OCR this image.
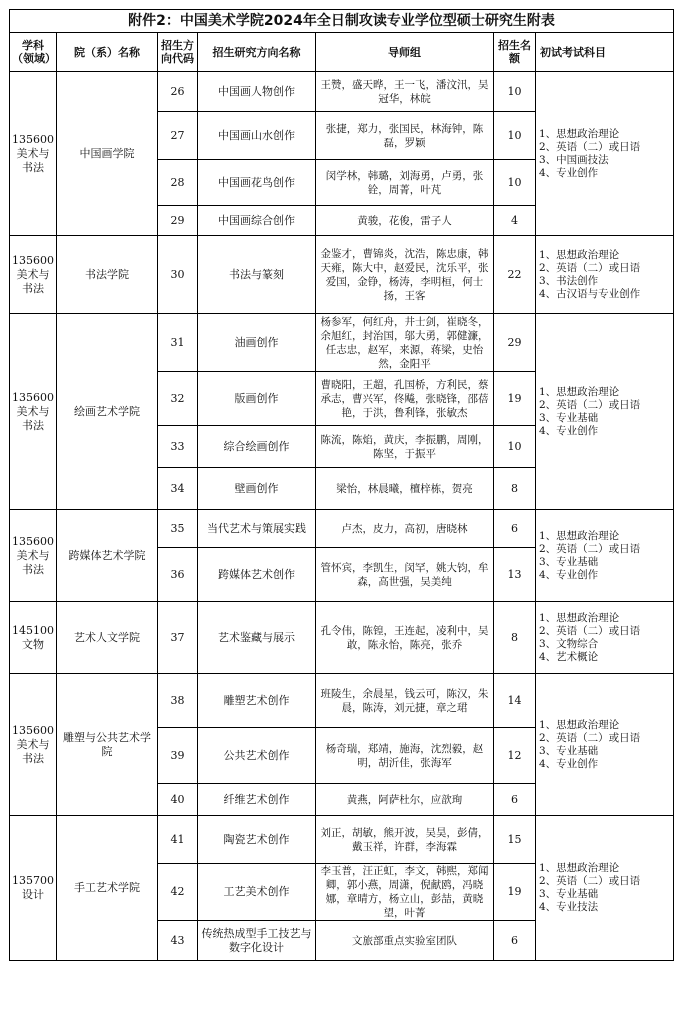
附件2：中国美术学院2024年全日制攻读专业学位型硕士研究生附表						
学科（领域）	院（系）名称	招生方向代码	招生研究方向名称	导师组	招生名额	初试考试科目
135600美术与书法	中国画学院	26	中国画人物创作	王赞，盛天晔，王一飞，潘汶汛，吴冠华，林皖	10	1、思想政治理论
2、英语（二）或日语
3、中国画技法
4、专业创作

		27	中国画山水创作	张捷，郑力，张国民，林海钟，陈磊，罗颖	10	
		28	中国画花鸟创作	闵学林，韩璐，刘海勇，卢勇，张铨，周菁，叶芃	10	
		29	中国画综合创作	黄骏，花俊，雷子人	4	
135600美术与书法	书法学院	30	书法与篆刻	金鉴才，曹锦炎，沈浩，陈忠康，韩天雍，陈大中，赵爱民，沈乐平，张爱国，金铮，杨涛，李明桓，何士扬，王客	22	1、思想政治理论
2、英语（二）或日语
3、书法创作
4、古汉语与专业创作

135600美术与书法	绘画艺术学院	31	油画创作	杨参军，何红舟，井士剑，崔晓冬，余旭红，封治国，邬大勇，郭健濂，任志忠，赵军，来源，蒋梁，史怡然，金阳平	29	1、思想政治理论
2、英语（二）或日语
3、专业基础
4、专业创作

		32	版画创作	曹晓阳，王超，孔国桥，方利民，蔡承志，曹兴军，佟飚，张晓锋，邵蓓艳，于洪，鲁利锋，张敏杰	19	
		33	综合绘画创作	陈流，陈焰，黄庆，李振鹏，周刚，陈坚，于振平	10	
		34	壁画创作	梁怡，林晨曦，檀梓栋，贺亮	8	
135600美术与书法	跨媒体艺术学院	35	当代艺术与策展实践	卢杰，皮力，高初，唐晓林	6	1、思想政治理论
2、英语（二）或日语
3、专业基础
4、专业创作

		36	跨媒体艺术创作	管怀宾，李凯生，闵罕，姚大钧，牟森，高世强，吴美纯	13	
145100文物	艺术人文学院	37	艺术鉴藏与展示	孔令伟，陈锽，王连起，凌利中，吴敢，陈永怡，陈亮，张乔	8	1、思想政治理论
2、英语（二）或日语
3、文物综合
4、艺术概论

135600美术与书法	雕塑与公共艺术学院	38	雕塑艺术创作	班陵生，余晨星，钱云可，陈汉，朱晨，陈涛，刘元捷，章之珺	14	1、思想政治理论
2、英语（二）或日语
3、专业基础
4、专业创作

		39	公共艺术创作	杨奇瑞，郑靖，施海，沈烈毅，赵明，胡沂佳，张海军	12	
		40	纤维艺术创作	黄燕，阿萨杜尔，应歆珣	6	
135700设计	手工艺术学院	41	陶瓷艺术创作	刘正，胡敏，熊开波，吴昊，彭倩，戴玉祥，许群，李海霖	15	1、思想政治理论
2、英语（二）或日语
3、专业基础
4、专业技法

		42	工艺美术创作	李玉普，汪正虹，李文，韩熙，郑闻卿，郭小燕，周潇，倪献鸥，冯晓娜，章晴方，杨立山，彭喆，黄晓望，叶菁	19	
		43	传统热成型手工技艺与数字化设计	文旅部重点实验室团队	6	
